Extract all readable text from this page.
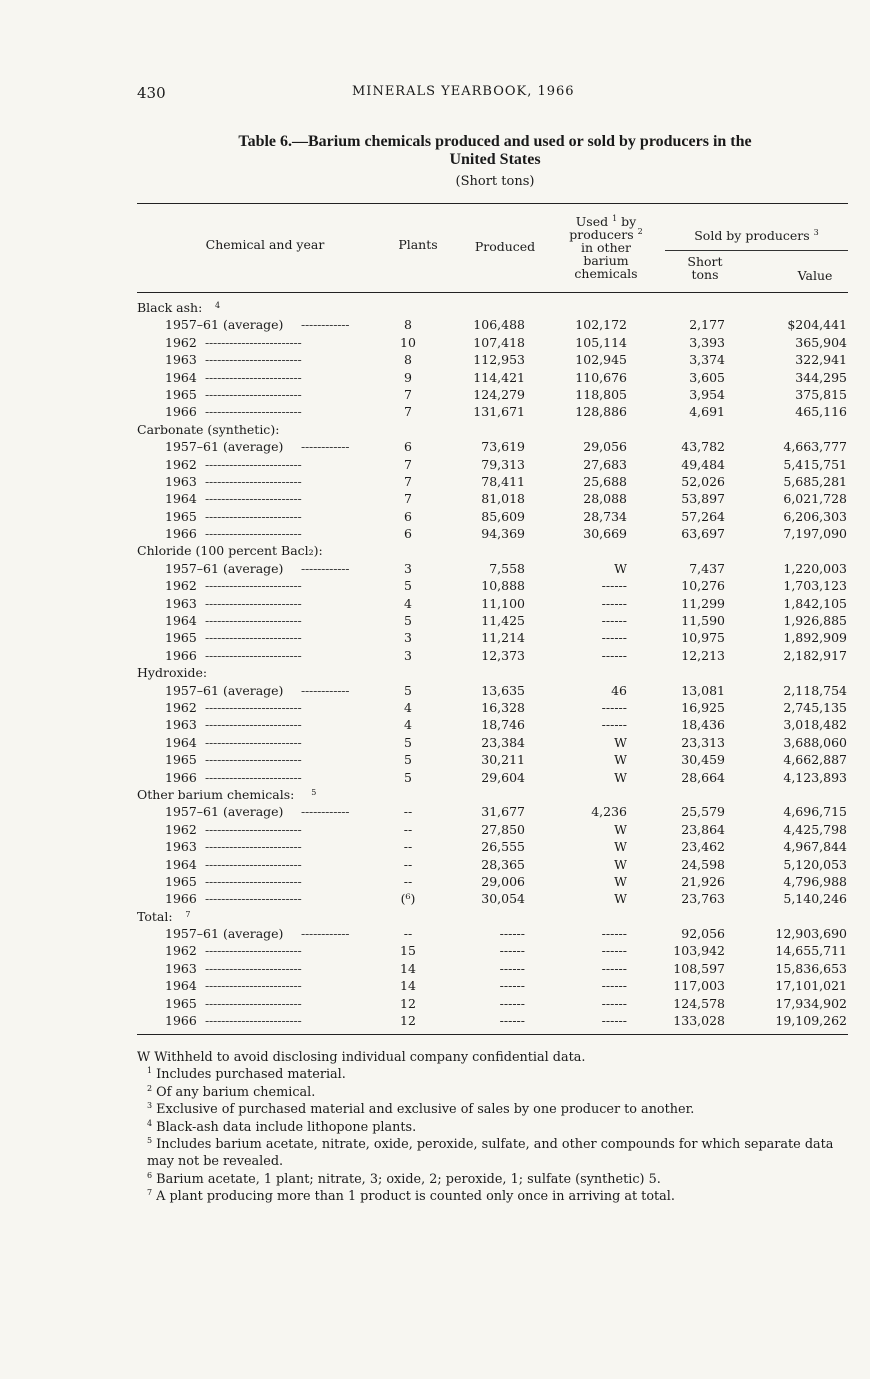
430	MINERALS YEARBOOK, 1966
Table 6.—Barium chemicals produced and used or sold by producers in the
United States
(Short tons)
Chemical and year	Plants	Produced
Used $^1$ by
producers $^2$
in other
barium
chemicals
Sold by producers $^3$
Short
tons	Value
Black ash: 4
1957–61 (average) ------------	8	106,488	102,172	2,177	$204,441
1962 ------------------------	10	107,418	105,114	3,393	365,904
1963 ------------------------	8	112,953	102,945	3,374	322,941
1964 ------------------------	9	114,421	110,676	3,605	344,295
1965 ------------------------	7	124,279	118,805	3,954	375,815
1966 ------------------------	7	131,671	128,886	4,691	465,116
Carbonate (synthetic):
1957–61 (average) ------------	6	73,619	29,056	43,782	4,663,777
1962 ------------------------	7	79,313	27,683	49,484	5,415,751
1963 ------------------------	7	78,411	25,688	52,026	5,685,281
1964 ------------------------	7	81,018	28,088	53,897	6,021,728
1965 ------------------------	6	85,609	28,734	57,264	6,206,303
1966 ------------------------	6	94,369	30,669	63,697	7,197,090
Chloride (100 percent Bacl₂):
1957–61 (average) ------------	3	7,558	W	7,437	1,220,003
1962 ------------------------	5	10,888	------	10,276	1,703,123
1963 ------------------------	4	11,100	------	11,299	1,842,105
1964 ------------------------	5	11,425	------	11,590	1,926,885
1965 ------------------------	3	11,214	------	10,975	1,892,909
1966 ------------------------	3	12,373	------	12,213	2,182,917
Hydroxide:
1957–61 (average) ------------	5	13,635	46	13,081	2,118,754
1962 ------------------------	4	16,328	------	16,925	2,745,135
1963 ------------------------	4	18,746	------	18,436	3,018,482
1964 ------------------------	5	23,384	W	23,313	3,688,060
1965 ------------------------	5	30,211	W	30,459	4,662,887
1966 ------------------------	5	29,604	W	28,664	4,123,893
Other barium chemicals: 5
1957–61 (average) ------------	--	31,677	4,236	25,579	4,696,715
1962 ------------------------	--	27,850	W	23,864	4,425,798
1963 ------------------------	--	26,555	W	23,462	4,967,844
1964 ------------------------	--	28,365	W	24,598	5,120,053
1965 ------------------------	--	29,006	W	21,926	4,796,988
1966 ------------------------	(⁶)	30,054	W	23,763	5,140,246
Total: 7
1957–61 (average) ------------	--	------	------	92,056	12,903,690
1962 ------------------------	15	------	------	103,942	14,655,711
1963 ------------------------	14	------	------	108,597	15,836,653
1964 ------------------------	14	------	------	117,003	17,101,021
1965 ------------------------	12	------	------	124,578	17,934,902
1966 ------------------------	12	------	------	133,028	19,109,262
W Withheld to avoid disclosing individual company confidential data.
$^1$ Includes purchased material.
$^2$ Of any barium chemical.
$^3$ Exclusive of purchased material and exclusive of sales by one producer to another.
$^4$ Black-ash data include lithopone plants.
$^5$ Includes barium acetate, nitrate, oxide, peroxide, sulfate, and other compounds for which separate data may not be revealed.
$^6$ Barium acetate, 1 plant; nitrate, 3; oxide, 2; peroxide, 1; sulfate (synthetic) 5.
$^7$ A plant producing more than 1 product is counted only once in arriving at total.
